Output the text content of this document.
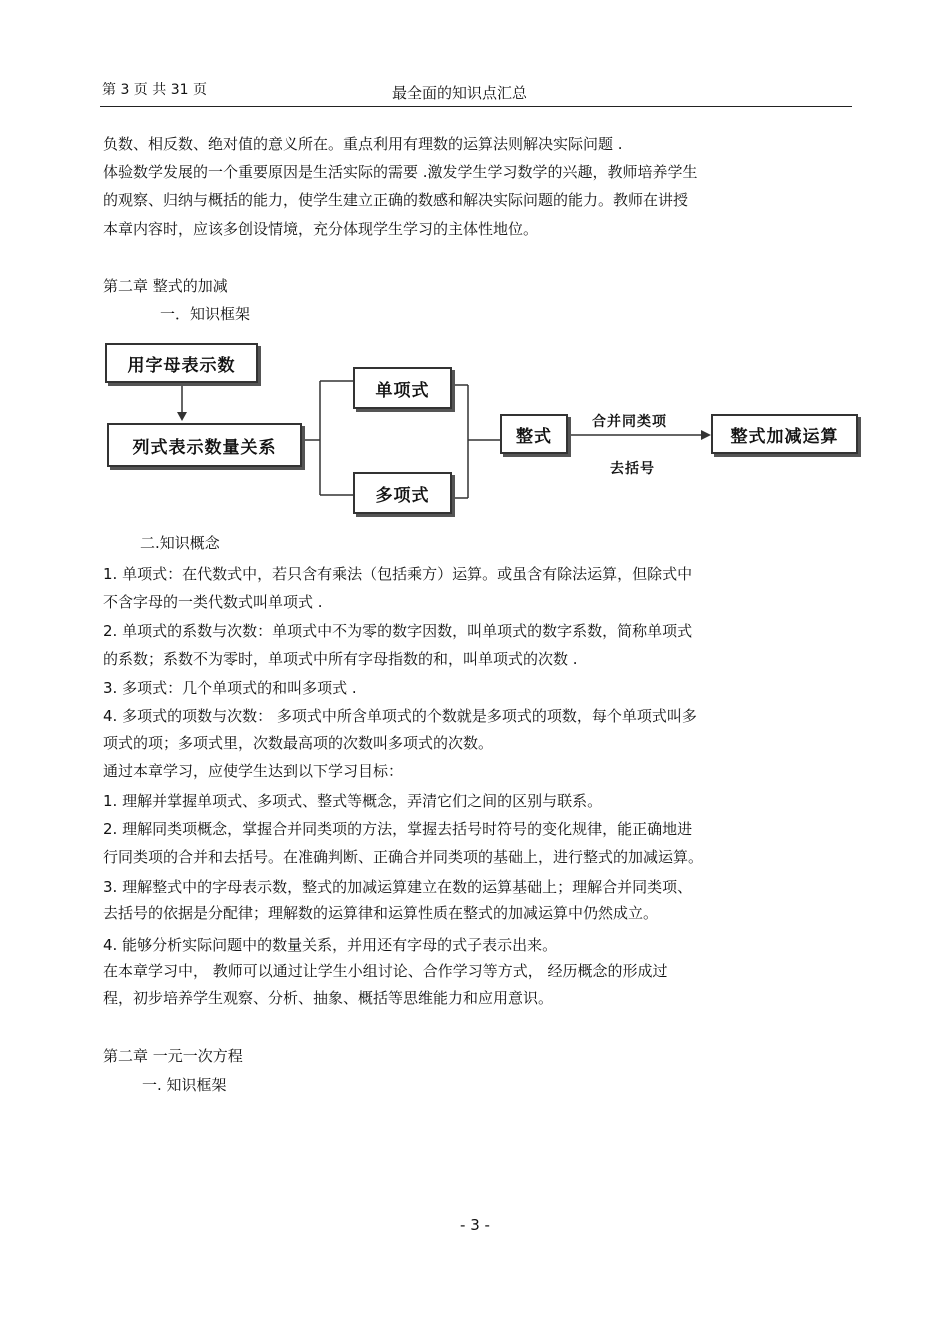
第 3 页 共 31 页	最全面的知识点汇总
负数、相反数、绝对值的意义所在。重点利用有理数的运算法则解决实际问题 .
体验数学发展的一个重要原因是生活实际的需要 .激发学生学习数学的兴趣，教师培养学生
的观察、归纳与概括的能力，使学生建立正确的数感和解决实际问题的能力。教师在讲授
本章内容时，应该多创设情境，充分体现学生学习的主体性地位。
第二章 整式的加减
一．知识框架
用字母表示数
列式表示数量关系
单项式
多项式
整式	整式加减运算
合并同类项
去括号
二.知识概念
1. 单项式：在代数式中，若只含有乘法（包括乘方）运算。或虽含有除法运算，但除式中
不含字母的一类代数式叫单项式 .
2. 单项式的系数与次数：单项式中不为零的数字因数，叫单项式的数字系数，简称单项式
的系数；系数不为零时，单项式中所有字母指数的和，叫单项式的次数 .
3. 多项式：几个单项式的和叫多项式 .
4. 多项式的项数与次数： 多项式中所含单项式的个数就是多项式的项数，每个单项式叫多
项式的项；多项式里，次数最高项的次数叫多项式的次数。
通过本章学习，应使学生达到以下学习目标：
1. 理解并掌握单项式、多项式、整式等概念，弄清它们之间的区别与联系。
2. 理解同类项概念，掌握合并同类项的方法，掌握去括号时符号的变化规律，能正确地进
行同类项的合并和去括号。在准确判断、正确合并同类项的基础上，进行整式的加减运算。
3. 理解整式中的字母表示数，整式的加减运算建立在数的运算基础上；理解合并同类项、
去括号的依据是分配律；理解数的运算律和运算性质在整式的加减运算中仍然成立。
4. 能够分析实际问题中的数量关系，并用还有字母的式子表示出来。
在本章学习中， 教师可以通过让学生小组讨论、合作学习等方式， 经历概念的形成过
程，初步培养学生观察、分析、抽象、概括等思维能力和应用意识。
第二章 一元一次方程
一. 知识框架
- 3 -
